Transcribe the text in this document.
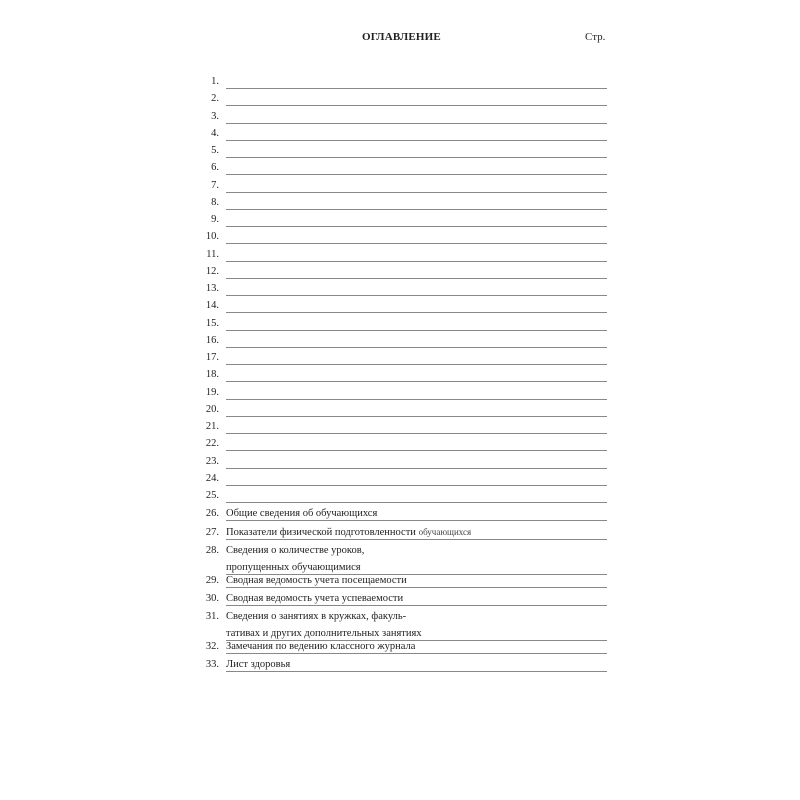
ОГЛАВЛЕНИЕ	Стр.
1.
2.
3.
4.
5.
6.
7.
8.
9.
10.
11.
12.
13.
14.
15.
16.
17.
18.
19.
20.
21.
22.
23.
24.
25.
26. Общие сведения об обучающихся
27. Показатели физической подготовленности обучающихся
28. Сведения о количестве уроков,
пропущенных обучающимися
29. Сводная ведомость учета посещаемости
30. Сводная ведомость учета успеваемости
31. Сведения о занятиях в кружках, факуль-
тативах и других дополнительных занятиях
32. Замечания по ведению классного журнала
33. Лист здоровья
